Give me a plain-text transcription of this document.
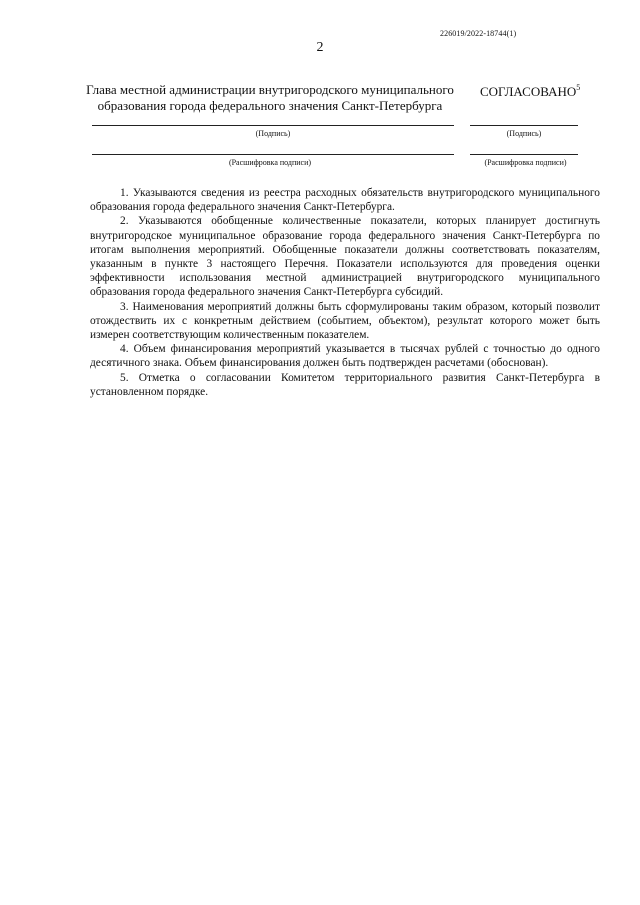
226019/2022-18744(1)
2
Глава местной администрации внутригородского муниципального
образования города федерального значения Санкт-Петербурга
СОГЛАСОВАНО$^5$
(Подпись)	(Подпись)
(Расшифровка подписи)	(Расшифровка подписи)

1. Указываются сведения из реестра расходных обязательств внутригородского муниципального образования города федерального значения Санкт-Петербурга.

2. Указываются обобщенные количественные показатели, которых планирует достигнуть внутригородское муниципальное образование города федерального значения Санкт-Петербурга по итогам выполнения мероприятий. Обобщенные показатели должны соответствовать показателям, указанным в пункте 3 настоящего Перечня. Показатели используются для проведения оценки эффективности использования местной администрацией внутригородского муниципального образования города федерального значения Санкт-Петербурга субсидий.

3. Наименования мероприятий должны быть сформулированы таким образом, который позволит отождествить их с конкретным действием (событием, объектом), результат которого может быть измерен соответствующим количественным показателем.

4. Объем финансирования мероприятий указывается в тысячах рублей с точностью до одного десятичного знака. Объем финансирования должен быть подтвержден расчетами (обоснован).

5. Отметка о согласовании Комитетом территориального развития Санкт-Петербурга в установленном порядке.
